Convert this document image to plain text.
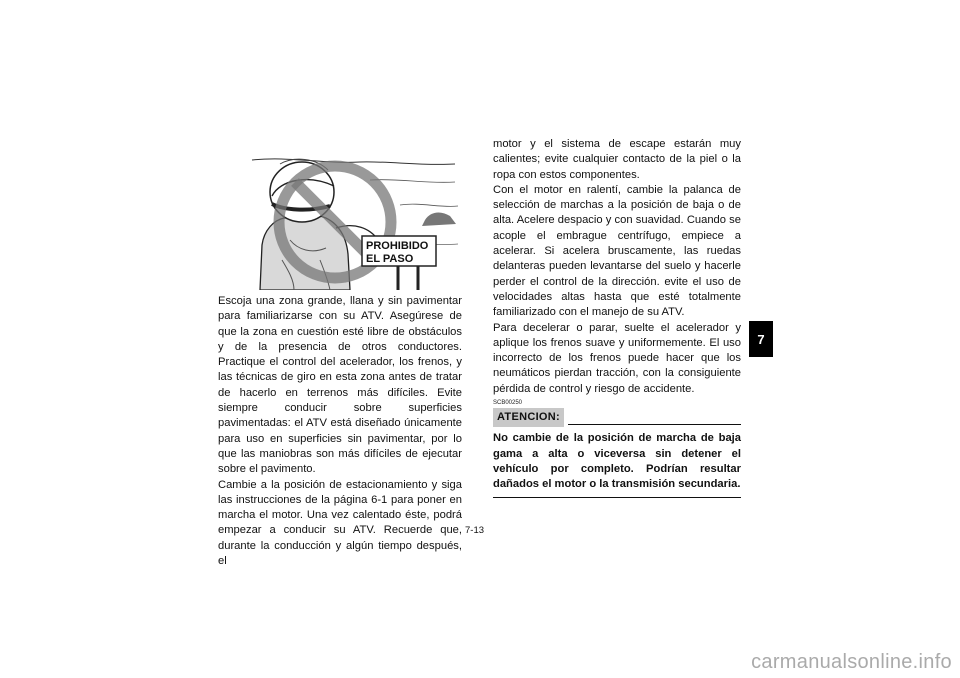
PROHIBIDO
EL PASO

Escoja una zona grande, llana y sin pavimentar para familiarizarse con su ATV. Asegúrese de que la zona en cuestión esté libre de obstáculos y de la presencia de otros conductores. Practique el control del acelerador, los frenos, y las técnicas de giro en esta zona antes de tratar de hacerlo en terrenos más difíciles. Evite siempre conducir sobre superficies pavimentadas: el ATV está diseñado únicamente para uso en superficies sin pavimentar, por lo que las maniobras son más difíciles de ejecutar sobre el pavimento.

Cambie a la posición de estacionamiento y siga las instrucciones de la página 6-1 para poner en marcha el motor. Una vez calentado éste, podrá empezar a conducir su ATV. Recuerde que, durante la conducción y algún tiempo después, el

motor y el sistema de escape estarán muy calientes; evite cualquier contacto de la piel o la ropa con estos componentes.

Con el motor en ralentí, cambie la palanca de selección de marchas a la posición de baja o de alta. Acelere despacio y con suavidad. Cuando se acople el embrague centrífugo, empiece a acelerar. Si acelera bruscamente, las ruedas delanteras pueden levantarse del suelo y hacerle perder el control de la dirección. evite el uso de velocidades altas hasta que esté totalmente familiarizado con el manejo de su ATV.

Para decelerar o parar, suelte el acelerador y aplique los frenos suave y uniformemente. El uso incorrecto de los frenos puede hacer que los neumáticos pierdan tracción, con la consiguiente pérdida de control y riesgo de accidente.

SCB00250
ATENCION:
No cambie de la posición de marcha de baja gama a alta o viceversa sin detener el vehículo por completo. Podrían resultar dañados el motor o la transmisión secundaria.
7-13
7
carmanualsonline.info
